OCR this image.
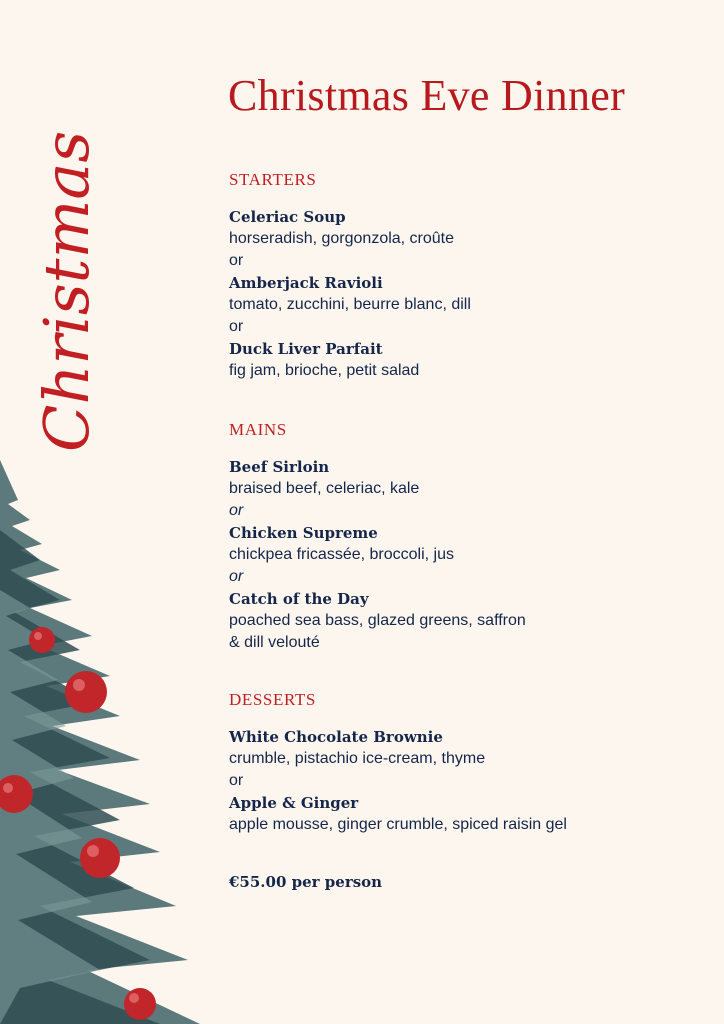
Christmas
Christmas Eve Dinner
STARTERS
Celeriac Soup
horseradish, gorgonzola, croûte
or
Amberjack Ravioli
tomato, zucchini, beurre blanc, dill
or
Duck Liver Parfait
fig jam, brioche, petit salad
MAINS
Beef Sirloin
braised beef, celeriac, kale
or
Chicken Supreme
chickpea fricassée, broccoli, jus
or
Catch of the Day
poached sea bass, glazed greens, saffron
& dill velouté
DESSERTS
White Chocolate Brownie
crumble, pistachio ice-cream, thyme
or
Apple & Ginger
apple mousse, ginger crumble, spiced raisin gel
€55.00 per person
